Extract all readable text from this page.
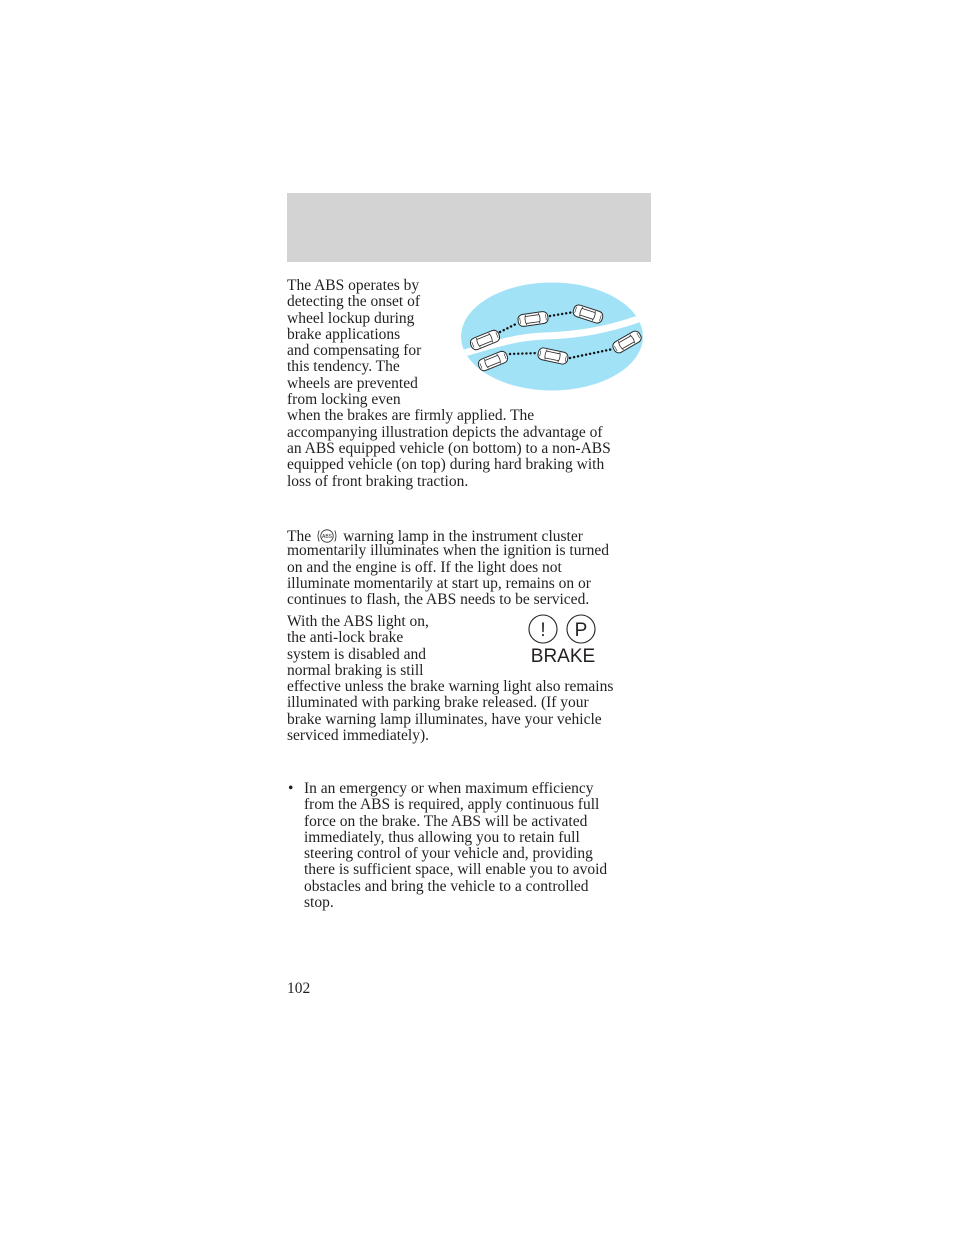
The ABS operates by
detecting the onset of
wheel lockup during
brake applications
and compensating for
this tendency. The
wheels are prevented
from locking even
when the brakes are firmly applied. The
accompanying illustration depicts the advantage of
an ABS equipped vehicle (on bottom) to a non-ABS
equipped vehicle (on top) during hard braking with
loss of front braking traction.
The ABS warning lamp in the instrument cluster
momentarily illuminates when the ignition is turned
on and the engine is off. If the light does not
illuminate momentarily at start up, remains on or
continues to flash, the ABS needs to be serviced.
With the ABS light on,
the anti-lock brake
system is disabled and
normal braking is still
effective unless the brake warning light also remains
illuminated with parking brake released. (If your
brake warning lamp illuminates, have your vehicle
serviced immediately).
! P
BRAKE
• In an emergency or when maximum efficiency
from the ABS is required, apply continuous full
force on the brake. The ABS will be activated
immediately, thus allowing you to retain full
steering control of your vehicle and, providing
there is sufficient space, will enable you to avoid
obstacles and bring the vehicle to a controlled
stop.
102
